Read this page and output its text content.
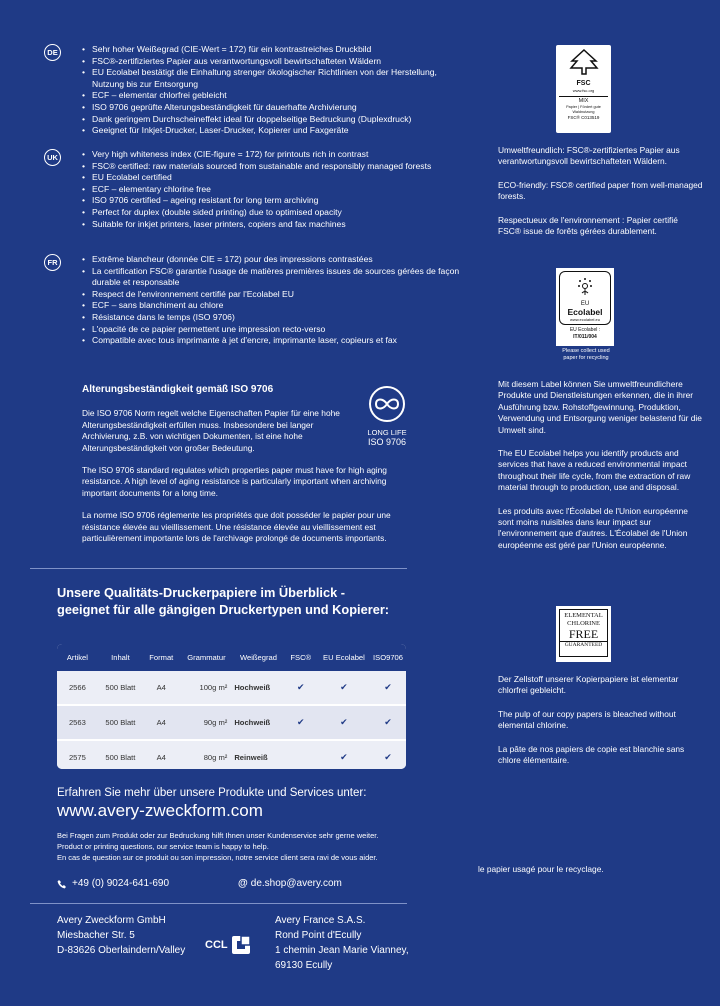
DE	• Sehr hoher Weißegrad (CIE-Wert = 172) für ein kontrastreiches Druckbild
• FSC®-zertifiziertes Papier aus verantwortungsvoll bewirtschafteten Wäldern
• EU Ecolabel bestätigt die Einhaltung strenger ökologischer Richtlinien von der Herstellung, Nutzung bis zur Entsorgung
• ECF – elementar chlorfrei gebleicht
• ISO 9706 geprüfte Alterungsbeständigkeit für dauerhafte Archivierung
• Dank geringem Durchscheineffekt ideal für doppelseitige Bedruckung (Duplexdruck)
• Geeignet für Inkjet-Drucker, Laser-Drucker, Kopierer und Faxgeräte
UK	• Very high whiteness index (CIE-figure = 172) for printouts rich in contrast
• FSC® certified: raw materials sourced from sustainable and responsibly managed forests
• EU Ecolabel certified
• ECF – elementary chlorine free
• ISO 9706 certified – ageing resistant for long term archiving
• Perfect for duplex (double sided printing) due to optimised opacity
• Suitable for inkjet printers, laser printers, copiers and fax machines
FR	• Extrême blancheur (donnée CIE = 172) pour des impressions contrastées
• La certification FSC® garantie l'usage de matières premières issues de sources gérées de façon durable et responsable
• Respect de l'environnement certifié par l'Ecolabel EU
• ECF – sans blanchiment au chlore
• Résistance dans le temps (ISO 9706)
• L'opacité de ce papier permettent une impression recto-verso
• Compatible avec tous imprimante à jet d'encre, imprimante laser, copieurs et fax
Alterungsbeständigkeit gemäß ISO 9706

Die ISO 9706 Norm regelt welche Eigenschaften Papier für eine hohe Alterungsbeständigkeit erfüllen muss. Insbesondere bei langer Archivierung, z.B. von wichtigen Dokumenten, ist eine hohe Alterungsbeständigkeit von großer Bedeutung.

The ISO 9706 standard regulates which properties paper must have for high aging resistance. A high level of aging resistance is particularly important when archiving important documents for a long time.

La norme ISO 9706 réglemente les propriétés que doit posséder le papier pour une résistance élevée au vieillissement. Une résistance élevée au vieillissement est particulièrement importante lors de l'archivage prolongé de documents importants.

LONG LIFE
ISO 9706
FSC
www.fsc.org
MIX
Papier | Fördert gute Waldnutzung
FSC® C013519

Umweltfreundlich: FSC®-zertifiziertes Papier aus verantwortungsvoll bewirtschafteten Wäldern.

ECO-friendly: FSC® certified paper from well-managed forests.

Respectueux de l'environnement : Papier certifié FSC® issue de forêts gérées durablement.

EU
Ecolabel
www.ecolabel.eu
EU Ecolabel :
IT/011/004
Please collect used paper for recycling

Mit diesem Label können Sie umweltfreundlichere Produkte und Dienstleistungen erkennen, die in ihrer Ausführung bzw. Rohstoffgewinnung, Produktion, Verwendung und Entsorgung weniger belastend für die Umwelt sind.

The EU Ecolabel helps you identify products and services that have a reduced environmental impact throughout their life cycle, from the extraction of raw material through to production, use and disposal.

Les produits avec l'Écolabel de l'Union européenne sont moins nuisibles dans leur impact sur l'environnement que d'autres. L'Écolabel de l'Union européenne est géré par l'Union européenne.

ELEMENTAL
CHLORINE
FREE
GUARANTEED

Der Zellstoff unserer Kopierpapiere ist elementar chlorfrei gebleicht.

The pulp of our copy papers is bleached without elemental chlorine.

La pâte de nos papiers de copie est blanchie sans chlore élémentaire.

le papier usagé pour le recyclage.
Unsere Qualitäts-Druckerpapiere im Überblick -
geeignet für alle gängigen Druckertypen und Kopierer:
Artikel	Inhalt	Format	Grammatur	Weißegrad	FSC®	EU Ecolabel	ISO9706
2566	500 Blatt	A4	100g m²	Hochweiß	✔	✔	✔
2563	500 Blatt	A4	90g m²	Hochweiß	✔	✔	✔
2575	500 Blatt	A4	80g m²	Reinweiß		✔	✔
Erfahren Sie mehr über unsere Produkte und Services unter:
www.avery-zweckform.com
Bei Fragen zum Produkt oder zur Bedruckung hilft Ihnen unser Kundenservice sehr gerne weiter.
Product or printing questions, our service team is happy to help.
En cas de question sur ce produit ou son impression, notre service client sera ravi de vous aider.
+49 (0) 9024-641-690	@ de.shop@avery.com
Avery Zweckform GmbH
Miesbacher Str. 5
D-83626 Oberlaindern/Valley CCL
Avery France S.A.S.
Rond Point d'Ecully
1 chemin Jean Marie Vianney,
69130 Ecully
